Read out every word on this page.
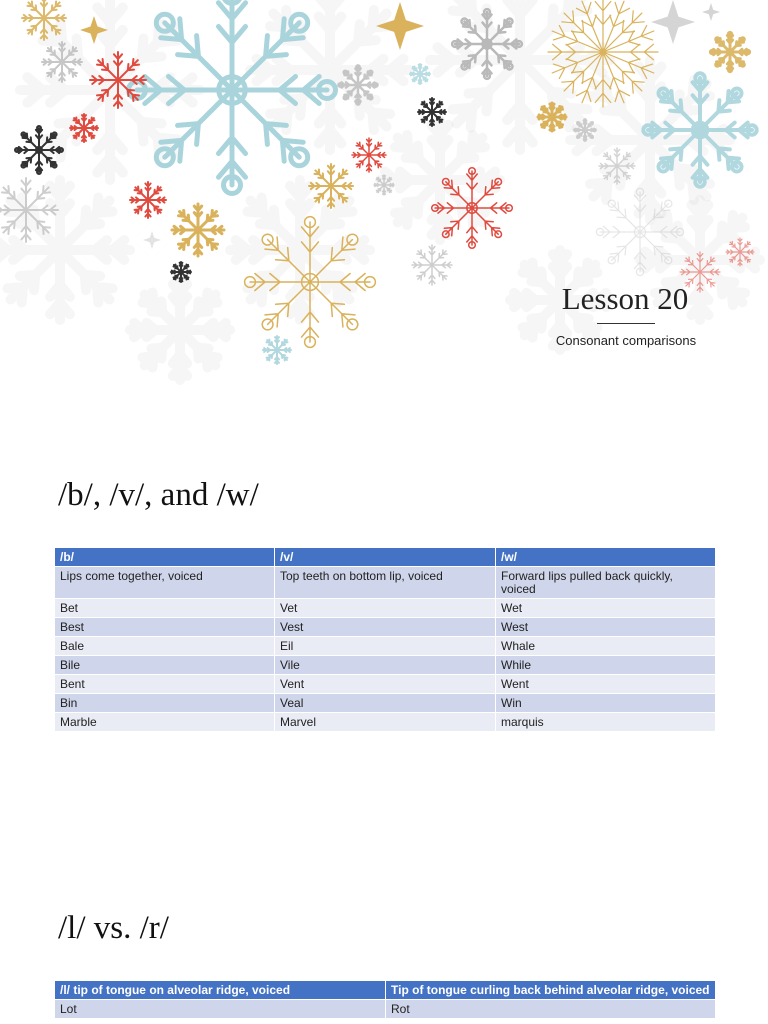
Lesson 20
Consonant comparisons
/b/, /v/, and /w/
/b/	/v/	/w/
Lips come together, voiced	Top teeth on bottom lip, voiced	Forward lips pulled back quickly, voiced
Bet	Vet	Wet
Best	Vest	West
Bale	Eil	Whale
Bile	Vile	While
Bent	Vent	Went
Bin	Veal	Win
Marble	Marvel	marquis
/l/ vs. /r/
/l/ tip of tongue on alveolar ridge, voiced	Tip of tongue curling back behind alveolar ridge, voiced
Lot	Rot
